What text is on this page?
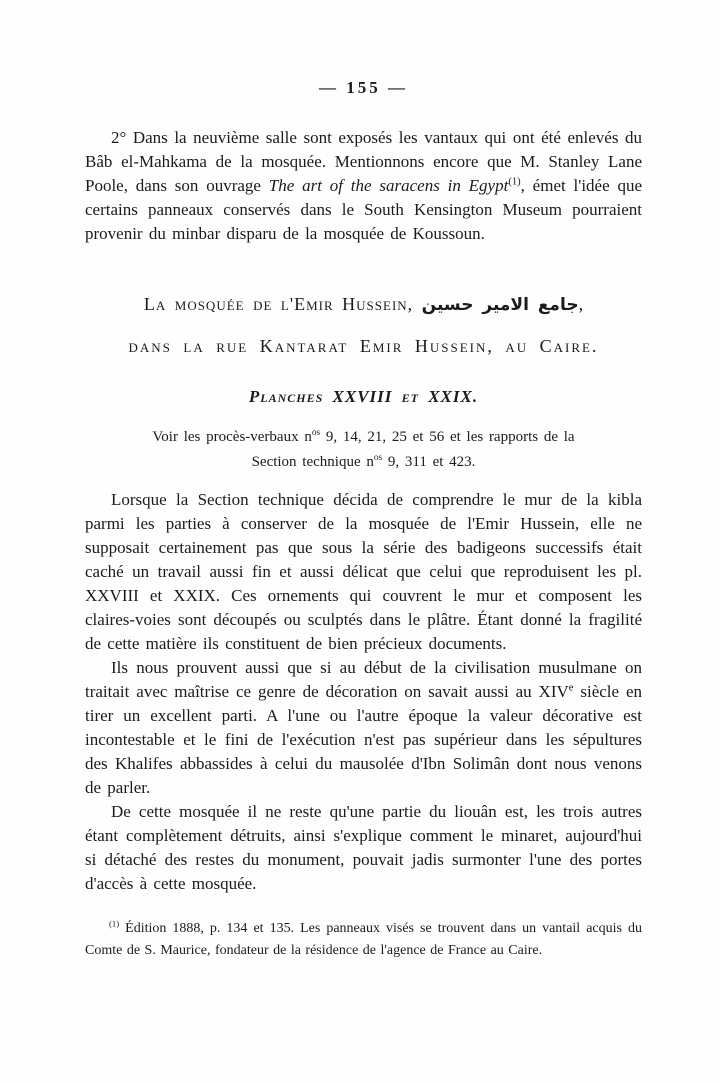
— 155 —

2° Dans la neuvième salle sont exposés les vantaux qui ont été enlevés du Bâb el-Mahkama de la mosquée. Mentionnons encore que M. Stanley Lane Poole, dans son ouvrage The art of the saracens in Egypt$^{(1)}$, émet l'idée que certains panneaux conservés dans le South Kensington Museum pourraient provenir du minbar disparu de la mosquée de Koussoun.

La mosquée de l'Emir Hussein, جامع الامير حسين,
dans la rue Kantarat Emir Hussein, au Caire.
Planches XXVIII et XXIX.
Voir les procès-verbaux $n^{os}$ 9, 14, 21, 25 et 56 et les rapports de la
Section technique $n^{os}$ 9, 311 et 423.

Lorsque la Section technique décida de comprendre le mur de la kibla parmi les parties à conserver de la mosquée de l'Emir Hussein, elle ne supposait certainement pas que sous la série des badigeons successifs était caché un travail aussi fin et aussi délicat que celui que reproduisent les pl. XXVIII et XXIX. Ces ornements qui couvrent le mur et composent les claires-voies sont découpés ou sculptés dans le plâtre. Étant donné la fragilité de cette matière ils constituent de bien précieux documents.

Ils nous prouvent aussi que si au début de la civilisation musulmane on traitait avec maîtrise ce genre de décoration on savait aussi au XIVe siècle en tirer un excellent parti. A l'une ou l'autre époque la valeur décorative est incontestable et le fini de l'exécution n'est pas supérieur dans les sépultures des Khalifes abbassides à celui du mausolée d'Ibn Solimân dont nous venons de parler.

De cette mosquée il ne reste qu'une partie du liouân est, les trois autres étant complètement détruits, ainsi s'explique comment le minaret, aujourd'hui si détaché des restes du monument, pouvait jadis surmonter l'une des portes d'accès à cette mosquée.

$^{(1)}$ Édition 1888, p. 134 et 135. Les panneaux visés se trouvent dans un vantail acquis du Comte de S. Maurice, fondateur de la résidence de l'agence de France au Caire.
